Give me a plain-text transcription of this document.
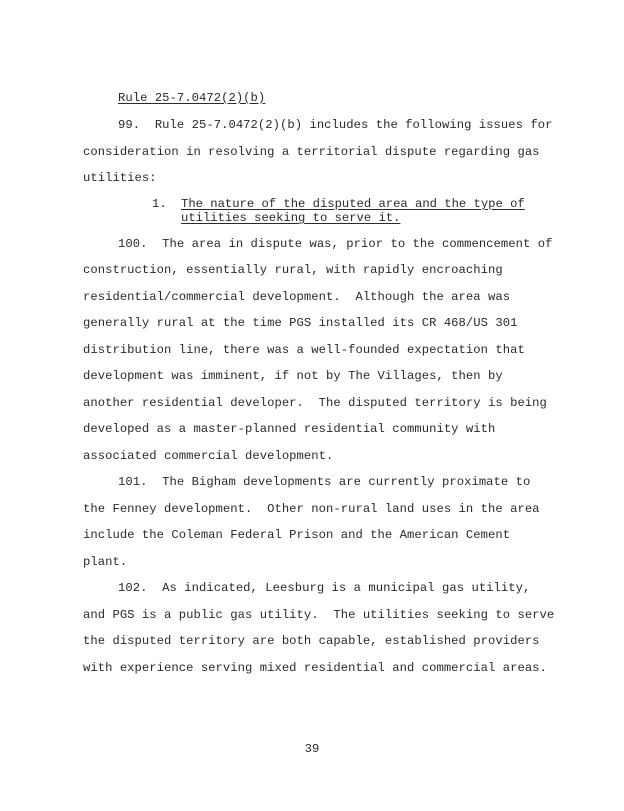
Rule 25-7.0472(2)(b)
99.  Rule 25-7.0472(2)(b) includes the following issues for
consideration in resolving a territorial dispute regarding gas
utilities:
1. The nature of the disputed area and the type of
utilities seeking to serve it.
100.  The area in dispute was, prior to the commencement of
construction, essentially rural, with rapidly encroaching
residential/commercial development.  Although the area was
generally rural at the time PGS installed its CR 468/US 301
distribution line, there was a well-founded expectation that
development was imminent, if not by The Villages, then by
another residential developer.  The disputed territory is being
developed as a master-planned residential community with
associated commercial development.
101.  The Bigham developments are currently proximate to
the Fenney development.  Other non-rural land uses in the area
include the Coleman Federal Prison and the American Cement
plant.
102.  As indicated, Leesburg is a municipal gas utility,
and PGS is a public gas utility.  The utilities seeking to serve
the disputed territory are both capable, established providers
with experience serving mixed residential and commercial areas.
39
